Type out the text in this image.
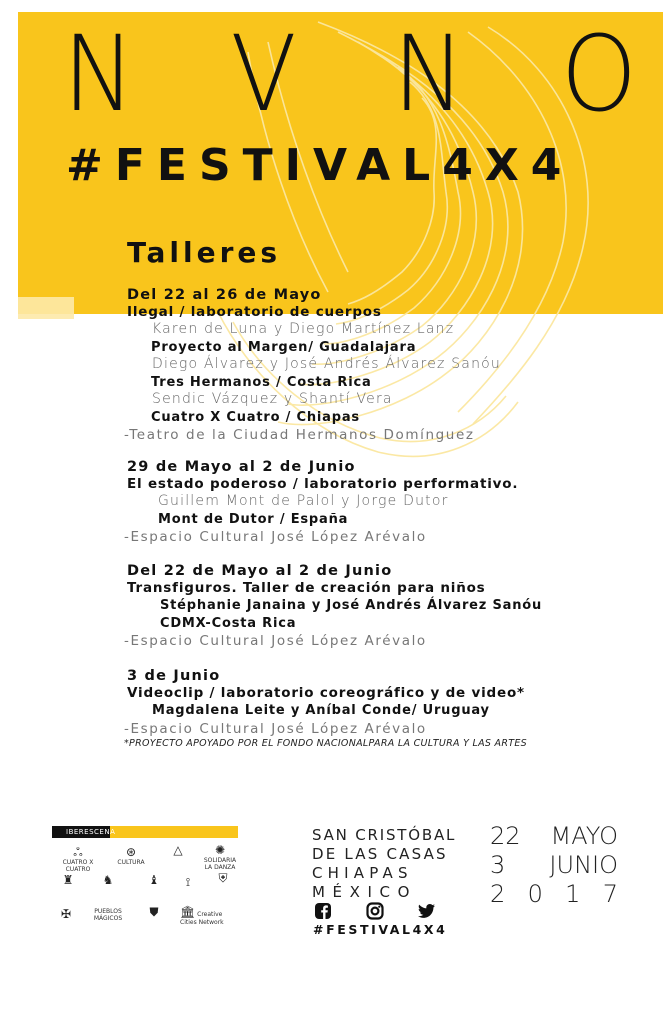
N V N O
#FESTIVAL4X4
Talleres
Del 22 al 26 de Mayo
Ilegal / laboratorio de cuerpos
Karen de Luna y Diego Martínez Lanz
Proyecto al Margen/ Guadalajara
Diego Álvarez y José Andrés Álvarez Sanóu
Tres Hermanos / Costa Rica
Sendic Vázquez y Shantí Vera
Cuatro X Cuatro / Chiapas
-Teatro de la Ciudad Hermanos Domínguez
29 de Mayo al 2 de Junio
El estado poderoso / laboratorio performativo.
Guillem Mont de Palol y Jorge Dutor
Mont de Dutor / España
-Espacio Cultural José López Arévalo
Del 22 de Mayo al 2 de Junio
Transfiguros. Taller de creación para niños
Stéphanie Janaina y José Andrés Álvarez Sanóu
CDMX-Costa Rica
-Espacio Cultural José López Arévalo
3 de Junio
Videoclip / laboratorio coreográfico y de video*
Magdalena Leite y Aníbal Conde/ Uruguay
-Espacio Cultural José López Arévalo
*PROYECTO APOYADO POR EL FONDO NACIONALPARA LA CULTURA Y LAS ARTES
IBERESCENA
ஃ
CUATRO X CUATRO
⊛
CULTURA
△	✺
SOLIDARIA LA DANZA
♜	♞	♝	⟟	⛨
✠	PUEBLOS MÁGICOS	⛊	🏛 Creative Cities Network
SAN CRISTÓBAL
DE LAS CASAS
CHIAPAS
MÉXICO
#FESTIVAL4X4
22 MAYO
3 JUNIO
2 0 1 7
